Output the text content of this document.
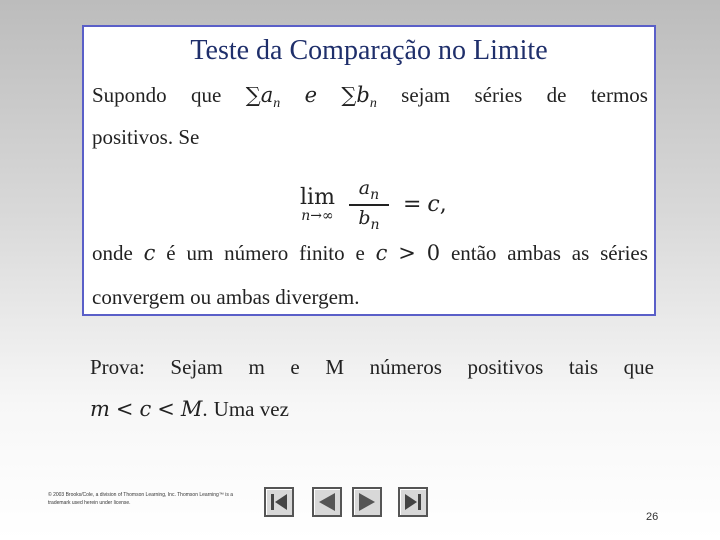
Teste da Comparação no Limite
Supondo que $\sum a_n$ e $\sum b_n$ sejam séries de termos
positivos. Se
lim
$n\to\infty \frac{a_n}{b_n} = c$ ,
onde c é um número finito e c > 0 então ambas as séries
convergem ou ambas divergem.
Prova: Sejam m e M números positivos tais que
m < c < M. Uma vez
© 2003 Brooks/Cole, a division of Thomson Learning, Inc. Thomson Learning™ is a trademark used herein under license.
26
